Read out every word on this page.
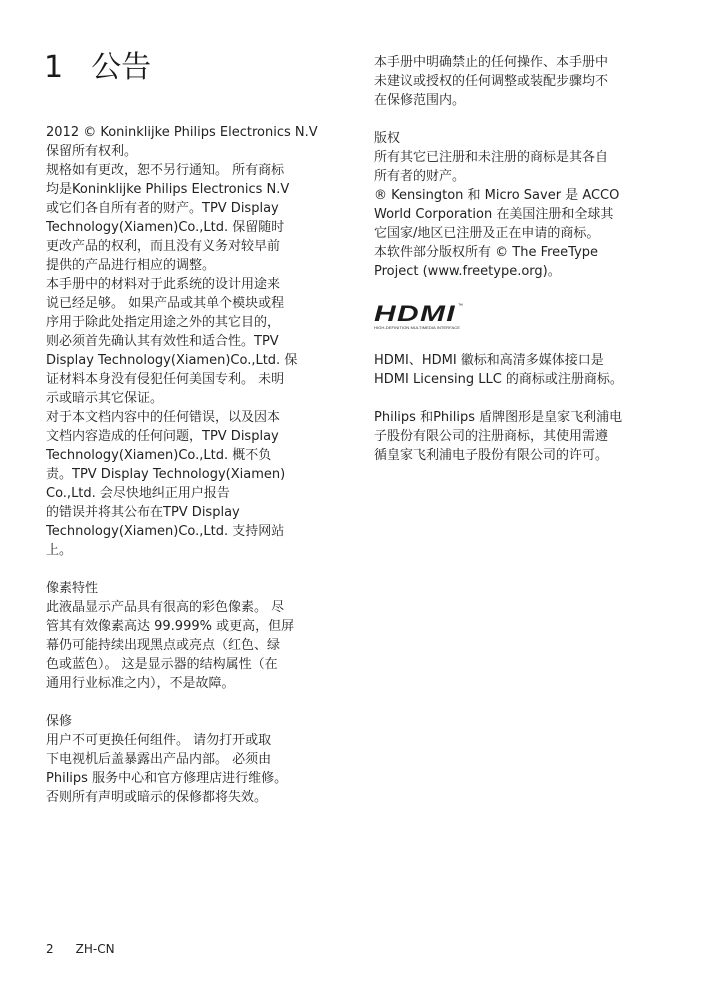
1 公告
2012 © Koninklijke Philips Electronics N.V
保留所有权利。
规格如有更改，恕不另行通知。 所有商标
均是Koninklijke Philips Electronics N.V
或它们各自所有者的财产。TPV Display
Technology(Xiamen)Co.,Ltd. 保留随时
更改产品的权利，而且没有义务对较早前
提供的产品进行相应的调整。
本手册中的材料对于此系统的设计用途来
说已经足够。 如果产品或其单个模块或程
序用于除此处指定用途之外的其它目的，
则必须首先确认其有效性和适合性。TPV
Display Technology(Xiamen)Co.,Ltd. 保
证材料本身没有侵犯任何美国专利。 未明
示或暗示其它保证。
对于本文档内容中的任何错误，以及因本
文档内容造成的任何问题，TPV Display
Technology(Xiamen)Co.,Ltd. 概不负
责。TPV Display Technology(Xiamen)
Co.,Ltd. 会尽快地纠正用户报告
的错误并将其公布在TPV Display
Technology(Xiamen)Co.,Ltd. 支持网站
上。
像素特性
此液晶显示产品具有很高的彩色像素。 尽
管其有效像素高达 99.999% 或更高，但屏
幕仍可能持续出现黑点或亮点（红色、绿
色或蓝色）。 这是显示器的结构属性（在
通用行业标准之内），不是故障。
保修
用户不可更换任何组件。 请勿打开或取
下电视机后盖暴露出产品内部。 必须由
Philips 服务中心和官方修理店进行维修。
否则所有声明或暗示的保修都将失效。
本手册中明确禁止的任何操作、本手册中
未建议或授权的任何调整或装配步骤均不
在保修范围内。
版权
所有其它已注册和未注册的商标是其各自
所有者的财产。
® Kensington 和 Micro Saver 是 ACCO
World Corporation 在美国注册和全球其
它国家/地区已注册及正在申请的商标。
本软件部分版权所有 © The FreeType
Project (www.freetype.org)。
HDMI ™
HIGH-DEFINITION MULTIMEDIA INTERFACE
HDMI、HDMI 徽标和高清多媒体接口是
HDMI Licensing LLC 的商标或注册商标。
Philips 和Philips 盾牌图形是皇家飞利浦电
子股份有限公司的注册商标，其使用需遵
循皇家飞利浦电子股份有限公司的许可。
2 ZH-CN
